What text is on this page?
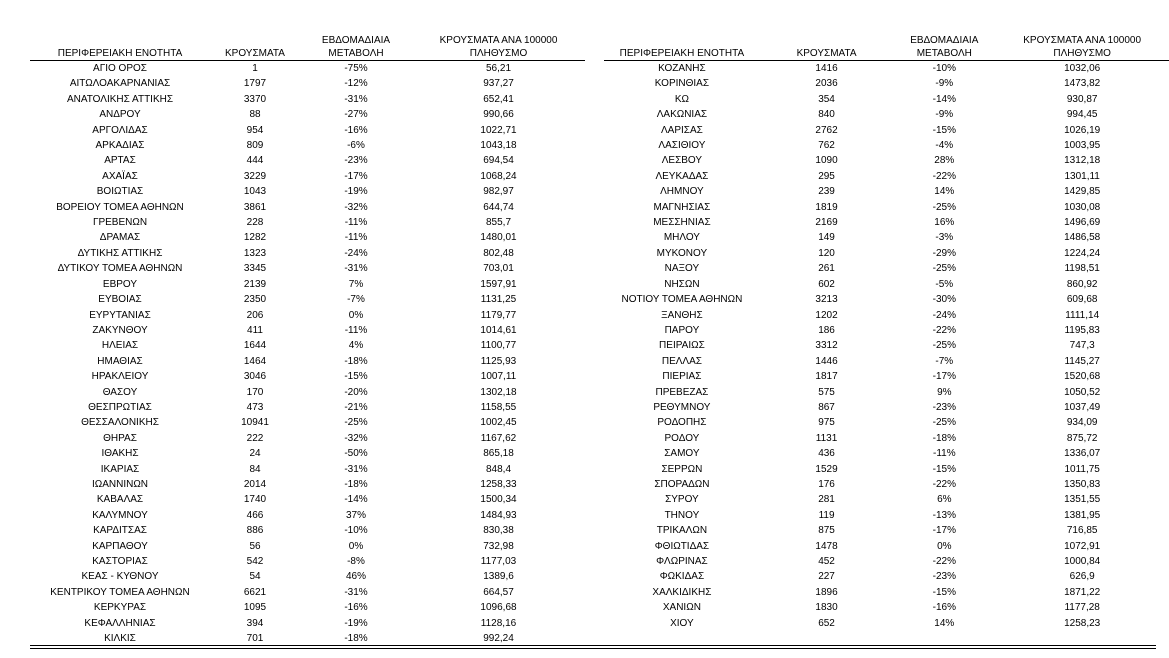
		ΕΒΔΟΜΑΔΙΑΙΑ	ΚΡΟΥΣΜΑΤΑ ΑΝΑ 100000
ΠΕΡΙΦΕΡΕΙΑΚΗ ΕΝΟΤΗΤΑ	ΚΡΟΥΣΜΑΤΑ	ΜΕΤΑΒΟΛΗ	ΠΛΗΘΥΣΜΟ
ΑΓΙΟ ΟΡΟΣ	1	-75%	56,21
ΑΙΤΩΛΟΑΚΑΡΝΑΝΙΑΣ	1797	-12%	937,27
ΑΝΑΤΟΛΙΚΗΣ ΑΤΤΙΚΗΣ	3370	-31%	652,41
ΑΝΔΡΟΥ	88	-27%	990,66
ΑΡΓΟΛΙΔΑΣ	954	-16%	1022,71
ΑΡΚΑΔΙΑΣ	809	-6%	1043,18
ΑΡΤΑΣ	444	-23%	694,54
ΑΧΑΪΑΣ	3229	-17%	1068,24
ΒΟΙΩΤΙΑΣ	1043	-19%	982,97
ΒΟΡΕΙΟΥ ΤΟΜΕΑ ΑΘΗΝΩΝ	3861	-32%	644,74
ΓΡΕΒΕΝΩΝ	228	-11%	855,7
ΔΡΑΜΑΣ	1282	-11%	1480,01
ΔΥΤΙΚΗΣ ΑΤΤΙΚΗΣ	1323	-24%	802,48
ΔΥΤΙΚΟΥ ΤΟΜΕΑ ΑΘΗΝΩΝ	3345	-31%	703,01
ΕΒΡΟΥ	2139	7%	1597,91
ΕΥΒΟΙΑΣ	2350	-7%	1131,25
ΕΥΡΥΤΑΝΙΑΣ	206	0%	1179,77
ΖΑΚΥΝΘΟΥ	411	-11%	1014,61
ΗΛΕΙΑΣ	1644	4%	1100,77
ΗΜΑΘΙΑΣ	1464	-18%	1125,93
ΗΡΑΚΛΕΙΟΥ	3046	-15%	1007,11
ΘΑΣΟΥ	170	-20%	1302,18
ΘΕΣΠΡΩΤΙΑΣ	473	-21%	1158,55
ΘΕΣΣΑΛΟΝΙΚΗΣ	10941	-25%	1002,45
ΘΗΡΑΣ	222	-32%	1167,62
ΙΘΑΚΗΣ	24	-50%	865,18
ΙΚΑΡΙΑΣ	84	-31%	848,4
ΙΩΑΝΝΙΝΩΝ	2014	-18%	1258,33
ΚΑΒΑΛΑΣ	1740	-14%	1500,34
ΚΑΛΥΜΝΟΥ	466	37%	1484,93
ΚΑΡΔΙΤΣΑΣ	886	-10%	830,38
ΚΑΡΠΑΘΟΥ	56	0%	732,98
ΚΑΣΤΟΡΙΑΣ	542	-8%	1177,03
ΚΕΑΣ - ΚΥΘΝΟΥ	54	46%	1389,6
ΚΕΝΤΡΙΚΟΥ ΤΟΜΕΑ ΑΘΗΝΩΝ	6621	-31%	664,57
ΚΕΡΚΥΡΑΣ	1095	-16%	1096,68
ΚΕΦΑΛΛΗΝΙΑΣ	394	-19%	1128,16
ΚΙΛΚΙΣ	701	-18%	992,24
		ΕΒΔΟΜΑΔΙΑΙΑ	ΚΡΟΥΣΜΑΤΑ ΑΝΑ 100000
ΠΕΡΙΦΕΡΕΙΑΚΗ ΕΝΟΤΗΤΑ	ΚΡΟΥΣΜΑΤΑ	ΜΕΤΑΒΟΛΗ	ΠΛΗΘΥΣΜΟ
ΚΟΖΑΝΗΣ	1416	-10%	1032,06
ΚΟΡΙΝΘΙΑΣ	2036	-9%	1473,82
ΚΩ	354	-14%	930,87
ΛΑΚΩΝΙΑΣ	840	-9%	994,45
ΛΑΡΙΣΑΣ	2762	-15%	1026,19
ΛΑΣΙΘΙΟΥ	762	-4%	1003,95
ΛΕΣΒΟΥ	1090	28%	1312,18
ΛΕΥΚΑΔΑΣ	295	-22%	1301,11
ΛΗΜΝΟΥ	239	14%	1429,85
ΜΑΓΝΗΣΙΑΣ	1819	-25%	1030,08
ΜΕΣΣΗΝΙΑΣ	2169	16%	1496,69
ΜΗΛΟΥ	149	-3%	1486,58
ΜΥΚΟΝΟΥ	120	-29%	1224,24
ΝΑΞΟΥ	261	-25%	1198,51
ΝΗΣΩΝ	602	-5%	860,92
ΝΟΤΙΟΥ ΤΟΜΕΑ ΑΘΗΝΩΝ	3213	-30%	609,68
ΞΑΝΘΗΣ	1202	-24%	1111,14
ΠΑΡΟΥ	186	-22%	1195,83
ΠΕΙΡΑΙΩΣ	3312	-25%	747,3
ΠΕΛΛΑΣ	1446	-7%	1145,27
ΠΙΕΡΙΑΣ	1817	-17%	1520,68
ΠΡΕΒΕΖΑΣ	575	9%	1050,52
ΡΕΘΥΜΝΟΥ	867	-23%	1037,49
ΡΟΔΟΠΗΣ	975	-25%	934,09
ΡΟΔΟΥ	1131	-18%	875,72
ΣΑΜΟΥ	436	-11%	1336,07
ΣΕΡΡΩΝ	1529	-15%	1011,75
ΣΠΟΡΑΔΩΝ	176	-22%	1350,83
ΣΥΡΟΥ	281	6%	1351,55
ΤΗΝΟΥ	119	-13%	1381,95
ΤΡΙΚΑΛΩΝ	875	-17%	716,85
ΦΘΙΩΤΙΔΑΣ	1478	0%	1072,91
ΦΛΩΡΙΝΑΣ	452	-22%	1000,84
ΦΩΚΙΔΑΣ	227	-23%	626,9
ΧΑΛΚΙΔΙΚΗΣ	1896	-15%	1871,22
ΧΑΝΙΩΝ	1830	-16%	1177,28
ΧΙΟΥ	652	14%	1258,23
